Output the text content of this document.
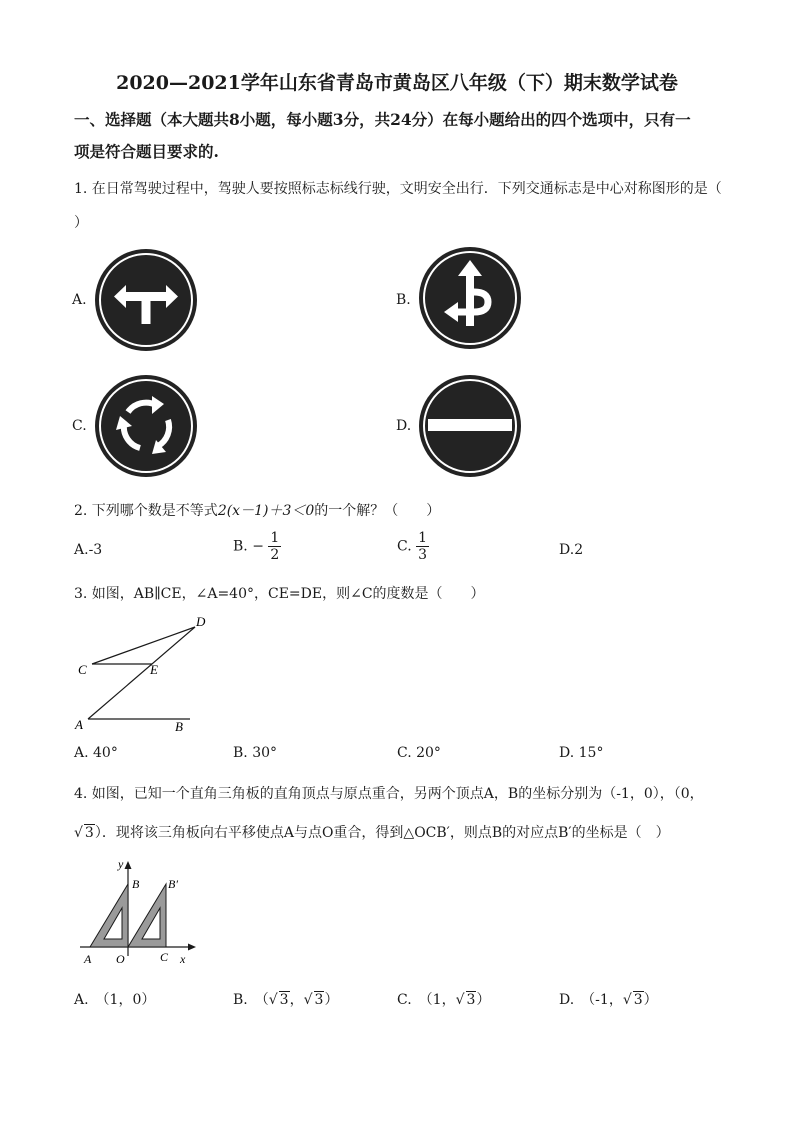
2020—2021学年山东省青岛市黄岛区八年级（下）期末数学试卷
一、选择题（本大题共8小题，每小题3分，共24分）在每小题给出的四个选项中，只有一
项是符合题目要求的.
1. 在日常驾驶过程中，驾驶人要按照标志标线行驶，文明安全出行．下列交通标志是中心对称图形的是（
）
A.	B.
C.	D.
2. 下列哪个数是不等式2(x－1)＋3＜0的一个解？（　　）
A.-3	B. − $\frac{1}{2}$	C. $\frac{1}{3}$	D.2
3. 如图，AB∥CE，∠A=40°，CE=DE，则∠C的度数是（　　）
D
C	E
A	B
A. 40°	B. 30°	C. 20°	D. 15°
4. 如图，已知一个直角三角板的直角顶点与原点重合，另两个顶点A，B的坐标分别为（-1，0），（0，
√ 3）．现将该三角板向右平移使点A与点O重合，得到△OCB′，则点B的对应点B′的坐标是（　）
y
B B′
A O	C x
A.　（1，0）	B.　（√ 3，√ 3）	C.　（1，√ 3）	D.　（-1，√ 3）
